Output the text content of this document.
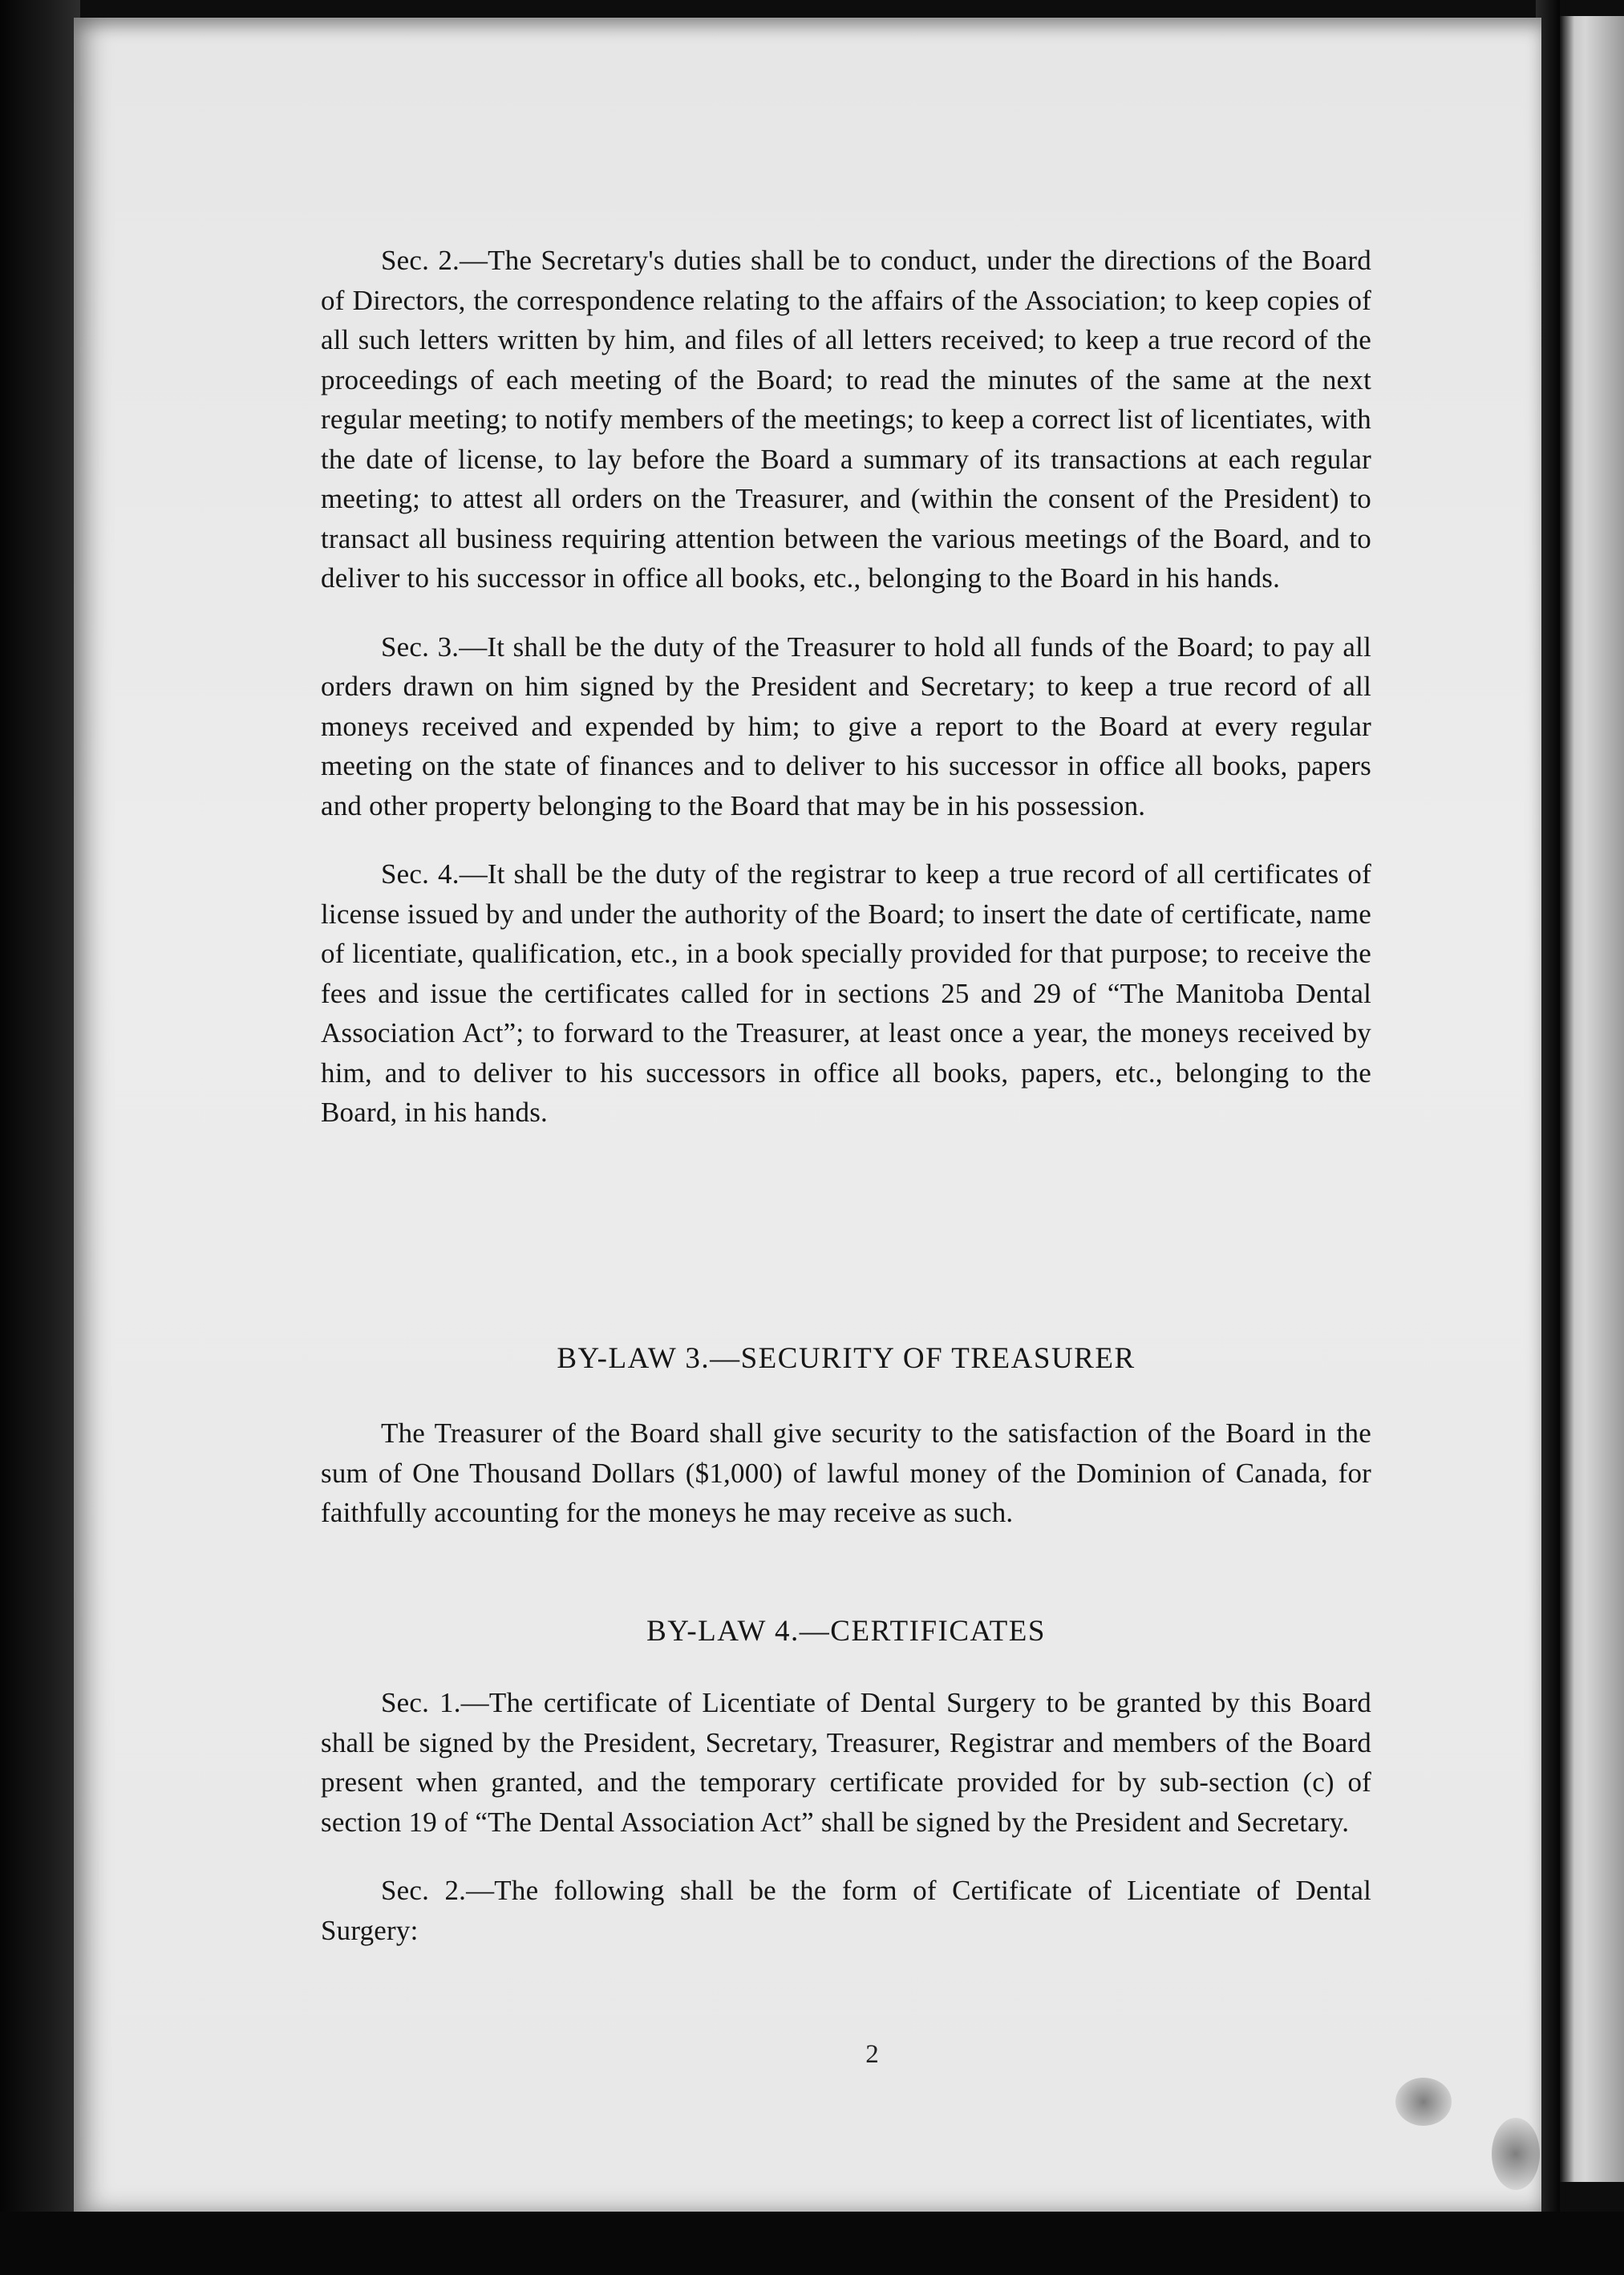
Sec. 2.—The Secretary's duties shall be to conduct, under the directions of the Board of Directors, the correspondence relating to the affairs of the Association; to keep copies of all such letters written by him, and files of all letters received; to keep a true record of the proceedings of each meeting of the Board; to read the minutes of the same at the next regular meeting; to notify members of the meetings; to keep a correct list of licentiates, with the date of license, to lay before the Board a summary of its transactions at each regular meeting; to attest all orders on the Treasurer, and (within the consent of the President) to transact all business requiring attention between the various meetings of the Board, and to deliver to his successor in office all books, etc., belonging to the Board in his hands.

Sec. 3.—It shall be the duty of the Treasurer to hold all funds of the Board; to pay all orders drawn on him signed by the President and Secretary; to keep a true record of all moneys received and expended by him; to give a report to the Board at every regular meeting on the state of finances and to deliver to his successor in office all books, papers and other property belonging to the Board that may be in his possession.

Sec. 4.—It shall be the duty of the registrar to keep a true record of all certificates of license issued by and under the authority of the Board; to insert the date of certificate, name of licentiate, qualification, etc., in a book specially provided for that purpose; to receive the fees and issue the certificates called for in sections 25 and 29 of “The Manitoba Dental Association Act”; to forward to the Treasurer, at least once a year, the moneys received by him, and to deliver to his successors in office all books, papers, etc., belonging to the Board, in his hands.

BY-LAW 3.—SECURITY OF TREASURER

The Treasurer of the Board shall give security to the satisfaction of the Board in the sum of One Thousand Dollars ($1,000) of lawful money of the Dominion of Canada, for faithfully accounting for the moneys he may receive as such.

BY-LAW 4.—CERTIFICATES

Sec. 1.—The certificate of Licentiate of Dental Surgery to be granted by this Board shall be signed by the President, Secretary, Treasurer, Registrar and members of the Board present when granted, and the temporary certificate provided for by sub-section (c) of section 19 of “The Dental Association Act” shall be signed by the President and Secretary.

Sec. 2.—The following shall be the form of Certificate of Licentiate of Dental Surgery:

2
